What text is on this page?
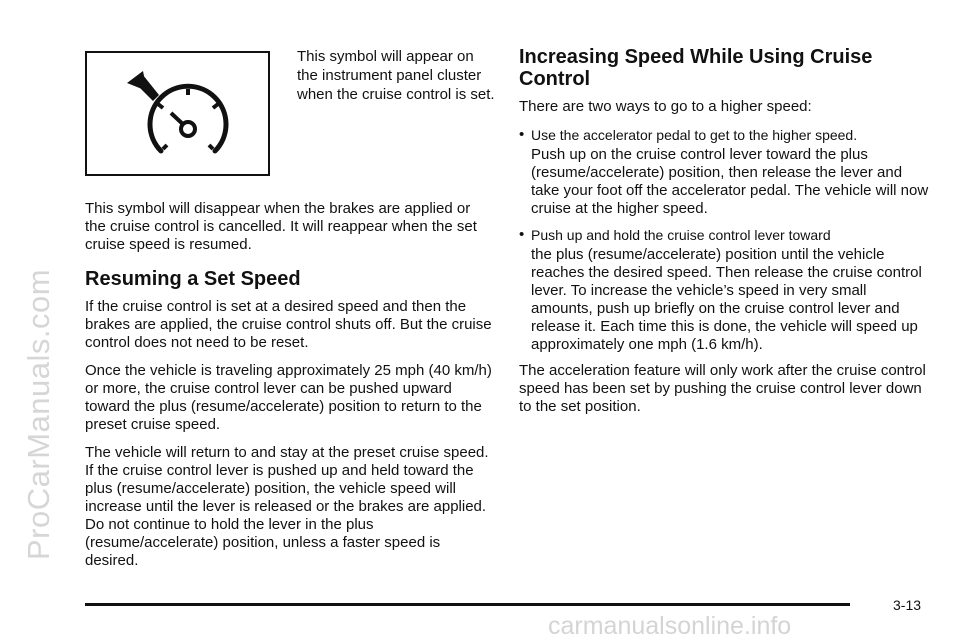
ProCarManuals.com
This symbol will appear on the instrument panel cluster when the cruise control is set.

This symbol will disappear when the brakes are applied or the cruise control is cancelled. It will reappear when the set cruise speed is resumed.

Resuming a Set Speed

If the cruise control is set at a desired speed and then the brakes are applied, the cruise control shuts off. But the cruise control does not need to be reset.

Once the vehicle is traveling approximately 25 mph (40 km/h) or more, the cruise control lever can be pushed upward toward the plus (resume/accelerate) position to return to the preset cruise speed.

The vehicle will return to and stay at the preset cruise speed. If the cruise control lever is pushed up and held toward the plus (resume/accelerate) position, the vehicle speed will increase until the lever is released or the brakes are applied. Do not continue to hold the lever in the plus (resume/accelerate) position, unless a faster speed is desired.

Increasing Speed While Using Cruise Control

There are two ways to go to a higher speed:

• Use the accelerator pedal to get to the higher speed.

Push up on the cruise control lever toward the plus (resume/accelerate) position, then release the lever and take your foot off the accelerator pedal. The vehicle will now cruise at the higher speed.

• Push up and hold the cruise control lever toward

the plus (resume/accelerate) position until the vehicle reaches the desired speed. Then release the cruise control lever. To increase the vehicle’s speed in very small amounts, push up briefly on the cruise control lever and release it. Each time this is done, the vehicle will speed up approximately one mph (1.6 km/h).

The acceleration feature will only work after the cruise control speed has been set by pushing the cruise control lever down to the set position.

3-13
carmanualsonline.info
